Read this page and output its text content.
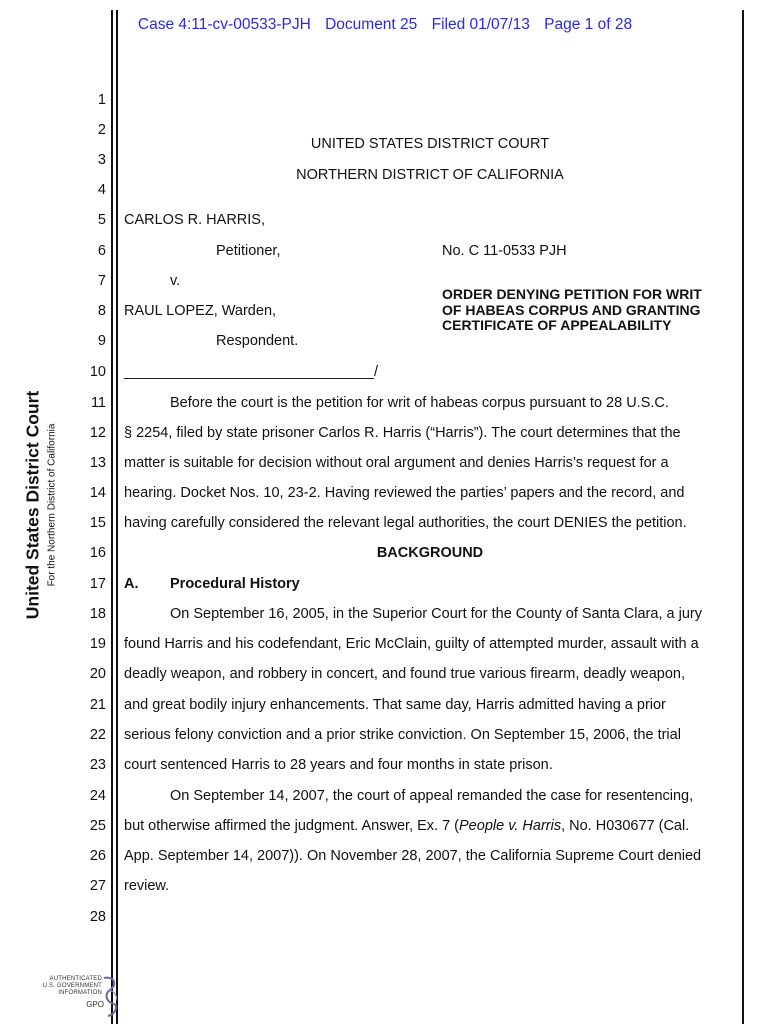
Case 4:11-cv-00533-PJH Document 25 Filed 01/07/13 Page 1 of 28
United States District Court For the Northern District of California
1
2
3
4
5
6
7
8
9
10
11
12
13
14
15
16
17
18
19
20
21
22
23
24
25
26
27
28
UNITED STATES DISTRICT COURT
NORTHERN DISTRICT OF CALIFORNIA
CARLOS R. HARRIS,
Petitioner,	No. C 11-0533 PJH
v.
RAUL LOPEZ, Warden,
Respondent.
ORDER DENYING PETITION FOR WRIT OF HABEAS CORPUS AND GRANTING CERTIFICATE OF APPEALABILITY
_______________________________/
Before the court is the petition for writ of habeas corpus pursuant to 28 U.S.C.
§ 2254, filed by state prisoner Carlos R. Harris (“Harris”). The court determines that the
matter is suitable for decision without oral argument and denies Harris’s request for a
hearing. Docket Nos. 10, 23-2. Having reviewed the parties’ papers and the record, and
having carefully considered the relevant legal authorities, the court DENIES the petition.
BACKGROUND
A. Procedural History
On September 16, 2005, in the Superior Court for the County of Santa Clara, a jury
found Harris and his codefendant, Eric McClain, guilty of attempted murder, assault with a
deadly weapon, and robbery in concert, and found true various firearm, deadly weapon,
and great bodily injury enhancements. That same day, Harris admitted having a prior
serious felony conviction and a prior strike conviction. On September 15, 2006, the trial
court sentenced Harris to 28 years and four months in state prison.
On September 14, 2007, the court of appeal remanded the case for resentencing,
but otherwise affirmed the judgment. Answer, Ex. 7 (People v. Harris, No. H030677 (Cal.
App. September 14, 2007)). On November 28, 2007, the California Supreme Court denied
review.
AUTHENTICATED
U.S. GOVERNMENT
INFORMATION
GPO
